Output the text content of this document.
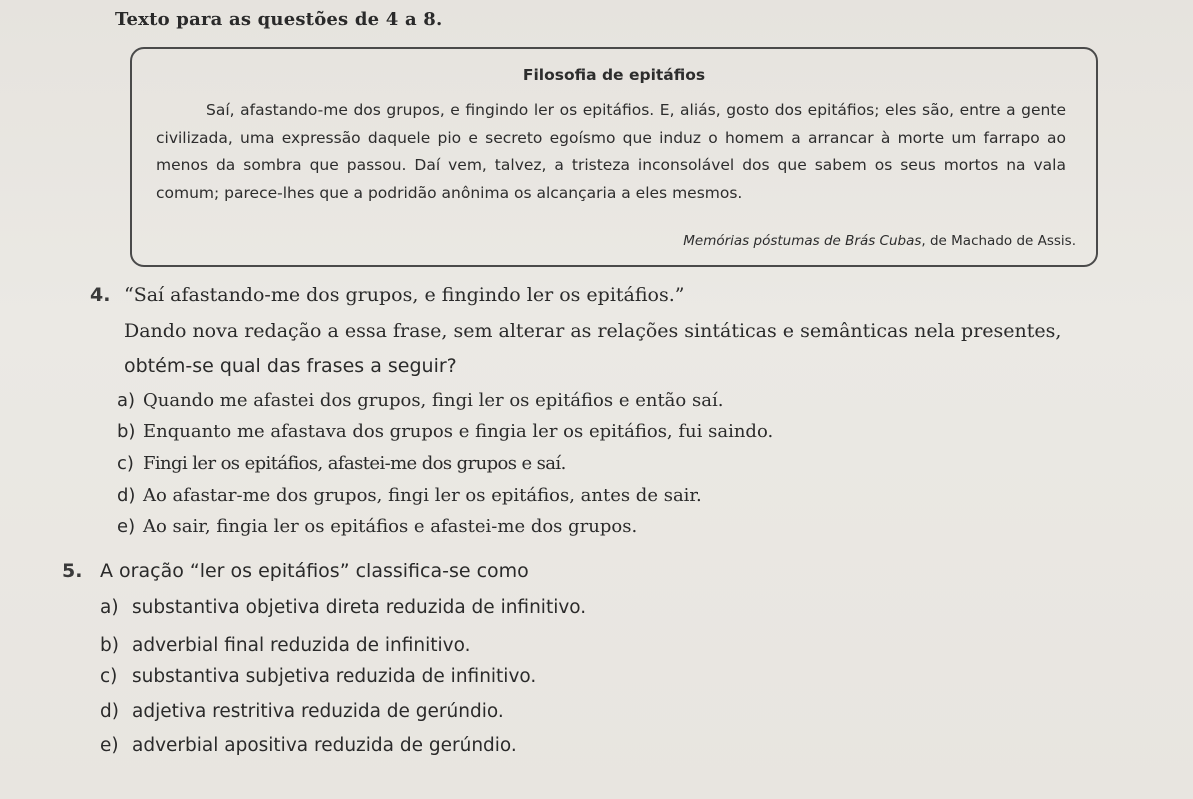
Texto para as questões de 4 a 8.
Filosofia de epitáfios

Saí, afastando-me dos grupos, e fingindo ler os epitáfios. E, aliás, gosto dos epitáfios; eles são, entre a gente civilizada, uma expressão daquele pio e secreto egoísmo que induz o homem a arrancar à morte um farrapo ao menos da sombra que passou. Daí vem, talvez, a tristeza inconsolável dos que sabem os seus mortos na vala comum; parece-lhes que a podridão anônima os alcançaria a eles mesmos.

Memórias póstumas de Brás Cubas, de Machado de Assis.
4. “Saí afastando-me dos grupos, e fingindo ler os epitáfios.”
Dando nova redação a essa frase, sem alterar as relações sintáticas e semânticas nela presentes,
obtém-se qual das frases a seguir?
a) Quando me afastei dos grupos, fingi ler os epitáfios e então saí.
b) Enquanto me afastava dos grupos e fingia ler os epitáfios, fui saindo.
c) Fingi ler os epitáfios, afastei-me dos grupos e saí.
d) Ao afastar-me dos grupos, fingi ler os epitáfios, antes de sair.
e) Ao sair, fingia ler os epitáfios e afastei-me dos grupos.
5. A oração “ler os epitáfios” classifica-se como
a) substantiva objetiva direta reduzida de infinitivo.
b) adverbial final reduzida de infinitivo.
c) substantiva subjetiva reduzida de infinitivo.
d) adjetiva restritiva reduzida de gerúndio.
e) adverbial apositiva reduzida de gerúndio.
